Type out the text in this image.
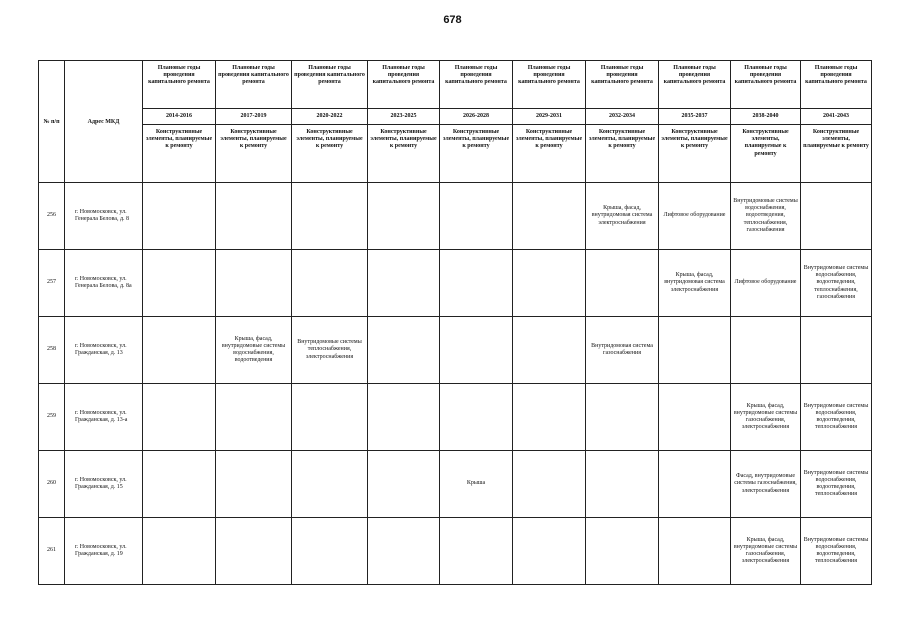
678
№ п/п	Адрес МКД	Плановые годы проведения капитального ремонта	Плановые годы проведения капитального ремонта	Плановые годы проведения капитального ремонта	Плановые годы проведения капитального ремонта	Плановые годы проведения капитального ремонта	Плановые годы проведения капитального ремонта	Плановые годы проведения капитального ремонта	Плановые годы проведения капитального ремонта	Плановые годы проведения капитального ремонта	Плановые годы проведения капитального ремонта
		2014-2016	2017-2019	2020-2022	2023-2025	2026-2028	2029-2031	2032-2034	2035-2037	2038-2040	2041-2043
		Конструктивные элементы, планируемые к ремонту	Конструктивные элементы, планируемые к ремонту	Конструктивные элементы, планируемые к ремонту	Конструктивные элементы, планируемые к ремонту	Конструктивные элементы, планируемые к ремонту	Конструктивные элементы, планируемые к ремонту	Конструктивные элементы, планируемые к ремонту	Конструктивные элементы, планируемые к ремонту	Конструктивные элементы, планируемые к ремонту	Конструктивные элементы, планируемые к ремонту
256	г. Новомосковск, ул. Генерала Белова, д. 8							Крыша, фасад, внутридомовая система электроснабжения	Лифтовое оборудование	Внутридомовые системы водоснабжения, водоотведения, теплоснабжения, газоснабжения	
257	г. Новомосковск, ул. Генерала Белова, д. 8а								Крыша, фасад, внутридомовая система электроснабжения	Лифтовое оборудование	Внутридомовые системы водоснабжения, водоотведения, теплоснабжения, газоснабжения
258	г. Новомосковск, ул. Гражданская, д. 13		Крыша, фасад, внутридомовые системы водоснабжения, водоотведения	Внутридомовые системы теплоснабжения, электроснабжения				Внутридомовая система газоснабжения			
259	г. Новомосковск, ул. Гражданская, д. 13-а									Крыша, фасад, внутридомовые системы газоснабжения, электроснабжения	Внутридомовые системы водоснабжения, водоотведения, теплоснабжения
260	г. Новомосковск, ул. Гражданская, д. 15					Крыша				Фасад, внутридомовые системы газоснабжения, электроснабжения	Внутридомовые системы водоснабжения, водоотведения, теплоснабжения
261	г. Новомосковск, ул. Гражданская, д. 19									Крыша, фасад, внутридомовые системы газоснабжения, электроснабжения	Внутридомовые системы водоснабжения, водоотведения, теплоснабжения
